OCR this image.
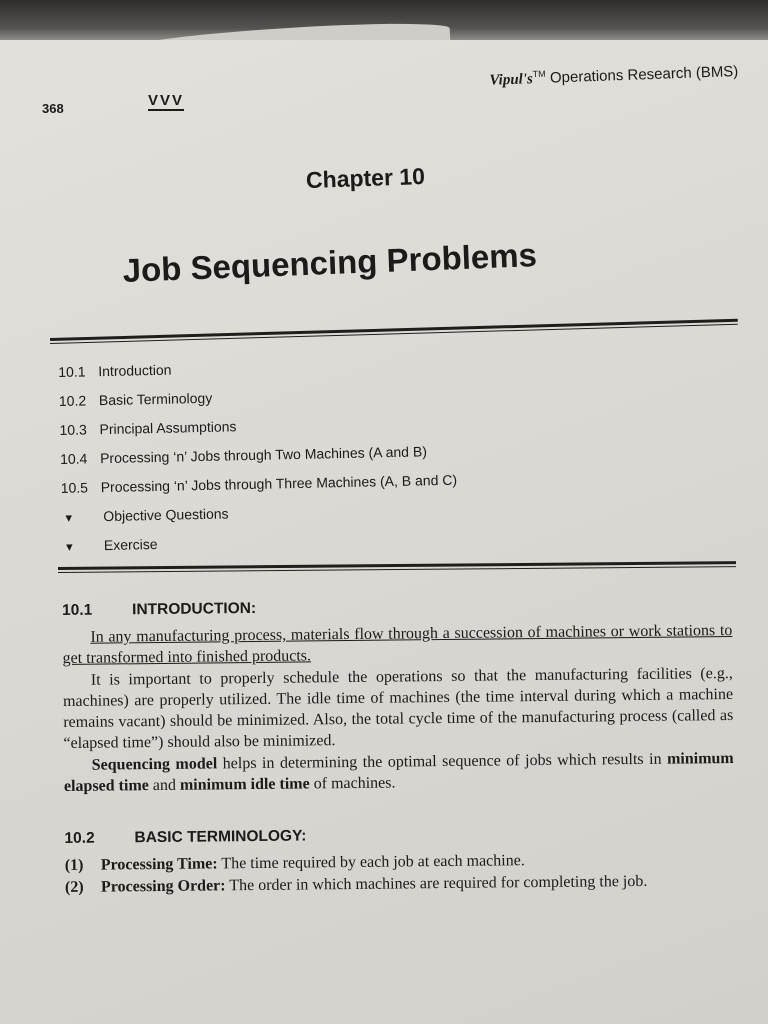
Vipul's™ Operations Research (BMS)
368	VVV
Chapter 10
Job Sequencing Problems
10.1 Introduction
10.2 Basic Terminology
10.3 Principal Assumptions
10.4 Processing ‘n’ Jobs through Two Machines (A and B)
10.5 Processing ‘n’ Jobs through Three Machines (A, B and C)
▼ Objective Questions
▼ Exercise
10.1	INTRODUCTION:

In any manufacturing process, materials flow through a succession of machines or work stations to get transformed into finished products.

It is important to properly schedule the operations so that the manufacturing facilities (e.g., machines) are properly utilized. The idle time of machines (the time interval during which a machine remains vacant) should be minimized. Also, the total cycle time of the manufacturing process (called as “elapsed time”) should also be minimized.

Sequencing model helps in determining the optimal sequence of jobs which results in minimum elapsed time and minimum idle time of machines.

10.2	BASIC TERMINOLOGY:
(1)	Processing Time: The time required by each job at each machine.
(2)	Processing Order: The order in which machines are required for completing the job.
